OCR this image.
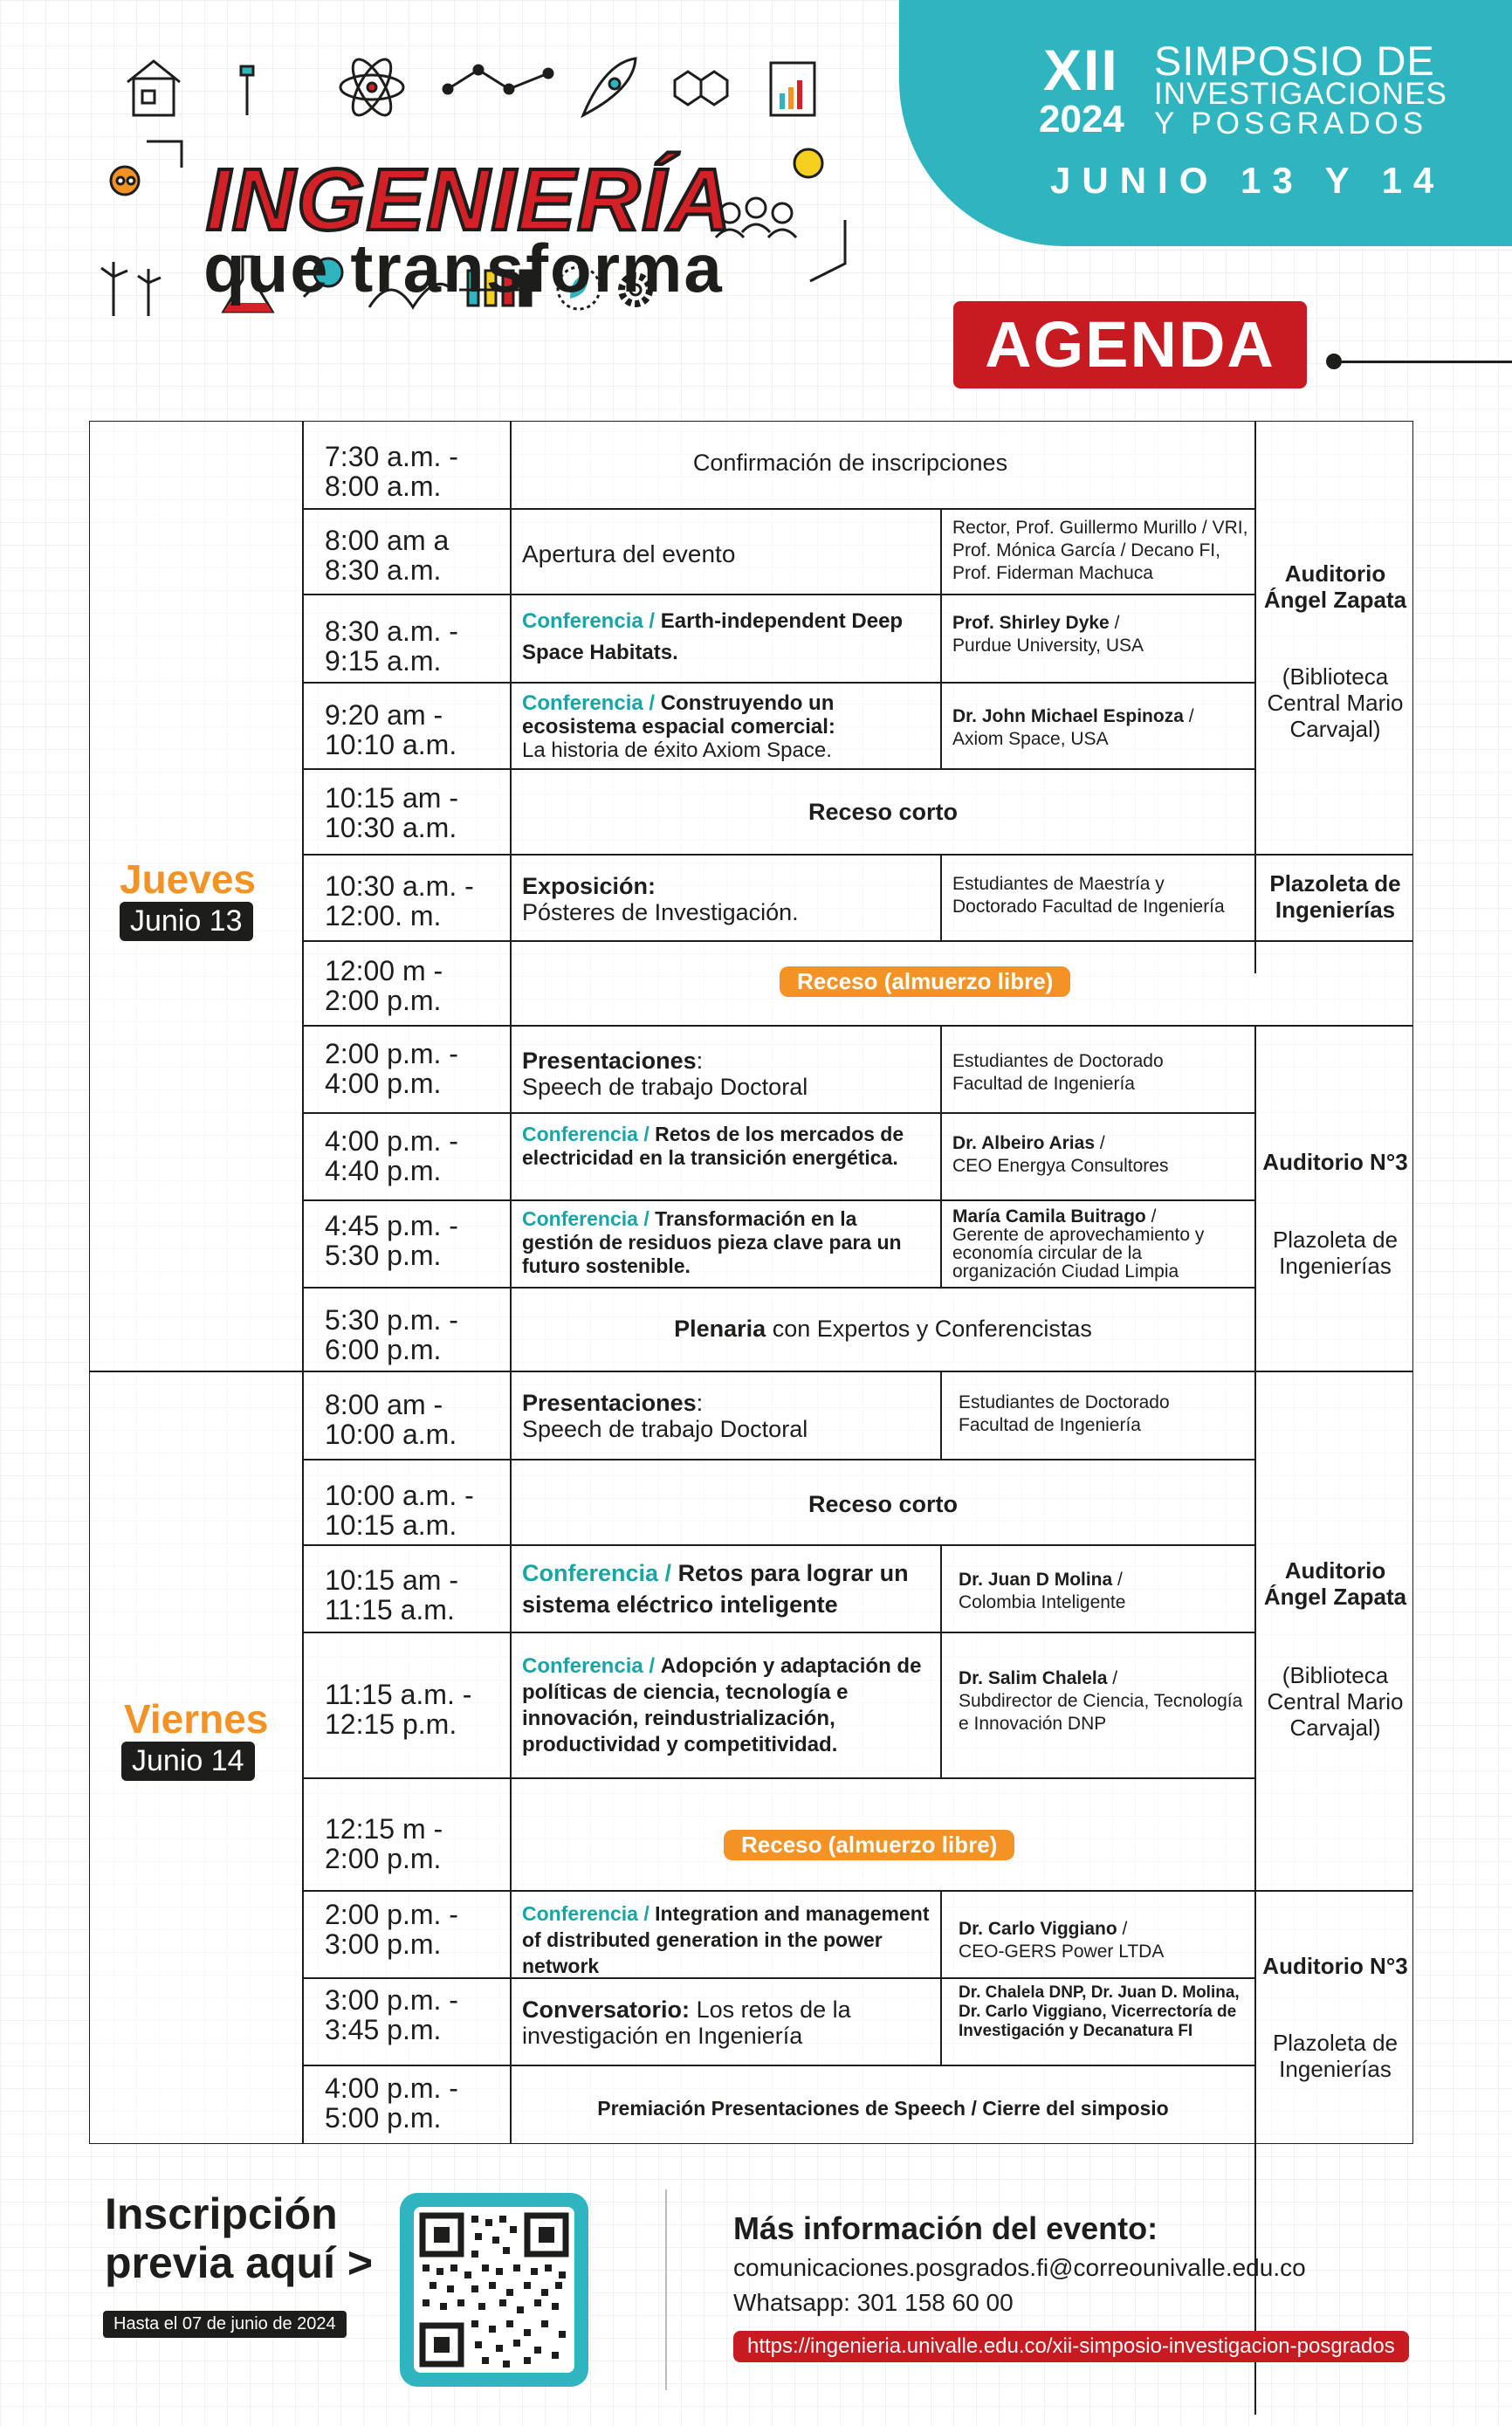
XII
2024
SIMPOSIO DE
INVESTIGACIONES
Y POSGRADOS
JUNIO 13 Y 14
INGENIERÍA
que transforma
AGENDA
Jueves
Junio 13
Viernes
Junio 14
7:30 a.m. -
8:00 a.m.
8:00 am a
8:30 a.m.
8:30 a.m. -
9:15 a.m.
9:20 am -
10:10 a.m.
10:15 am -
10:30 a.m.
10:30 a.m. -
12:00. m.
12:00 m -
2:00 p.m.
2:00 p.m. -
4:00 p.m.
4:00 p.m. -
4:40 p.m.
4:45 p.m. -
5:30 p.m.
5:30 p.m. -
6:00 p.m.
Confirmación de inscripciones
Apertura del evento
Rector, Prof. Guillermo Murillo / VRI, Prof. Mónica García / Decano FI, Prof. Fiderman Machuca
Conferencia / Earth-independent Deep Space Habitats.
Prof. Shirley Dyke /
Purdue University, USA
Conferencia / Construyendo un ecosistema espacial comercial:
La historia de éxito Axiom Space.
Dr. John Michael Espinoza /
Axiom Space, USA
Receso corto
Exposición:
Pósteres de Investigación.
Estudiantes de Maestría y Doctorado Facultad de Ingeniería
Receso (almuerzo libre)
Presentaciones:
Speech de trabajo Doctoral
Estudiantes de Doctorado
Facultad de Ingeniería
Conferencia / Retos de los mercados de electricidad en la transición energética.
Dr. Albeiro Arias /
CEO Energya Consultores
Conferencia / Transformación en la gestión de residuos pieza clave para un futuro sostenible.
María Camila Buitrago /
Gerente de aprovechamiento y economía circular de la organización Ciudad Limpia
Plenaria con Expertos y Conferencistas
Auditorio Ángel Zapata
(Biblioteca Central Mario Carvajal)
Plazoleta de Ingenierías
Auditorio N°3
Plazoleta de Ingenierías
8:00 am -
10:00 a.m.
10:00 a.m. -
10:15 a.m.
10:15 am -
11:15 a.m.
11:15 a.m. -
12:15 p.m.
12:15 m -
2:00 p.m.
2:00 p.m. -
3:00 p.m.
3:00 p.m. -
3:45 p.m.
4:00 p.m. -
5:00 p.m.
Presentaciones:
Speech de trabajo Doctoral
Estudiantes de Doctorado
Facultad de Ingeniería
Receso corto
Conferencia / Retos para lograr un sistema eléctrico inteligente
Dr. Juan D Molina /
Colombia Inteligente
Conferencia / Adopción y adaptación de políticas de ciencia, tecnología e innovación, reindustrialización, productividad y competitividad.
Dr. Salim Chalela /
Subdirector de Ciencia, Tecnología e Innovación DNP
Receso (almuerzo libre)
Conferencia / Integration and management of distributed generation in the power network
Dr. Carlo Viggiano /
CEO-GERS Power LTDA
Conversatorio: Los retos de la investigación en Ingeniería
Dr. Chalela DNP, Dr. Juan D. Molina, Dr. Carlo Viggiano, Vicerrectoría de Investigación y Decanatura FI
Premiación Presentaciones de Speech / Cierre del simposio
Auditorio Ángel Zapata
(Biblioteca Central Mario Carvajal)
Auditorio N°3
Plazoleta de Ingenierías
Inscripción
previa aquí >
Hasta el 07 de junio de 2024
Más información del evento:
comunicaciones.posgrados.fi@correounivalle.edu.co
Whatsapp: 301 158 60 00
https://ingenieria.univalle.edu.co/xii-simposio-investigacion-posgrados
